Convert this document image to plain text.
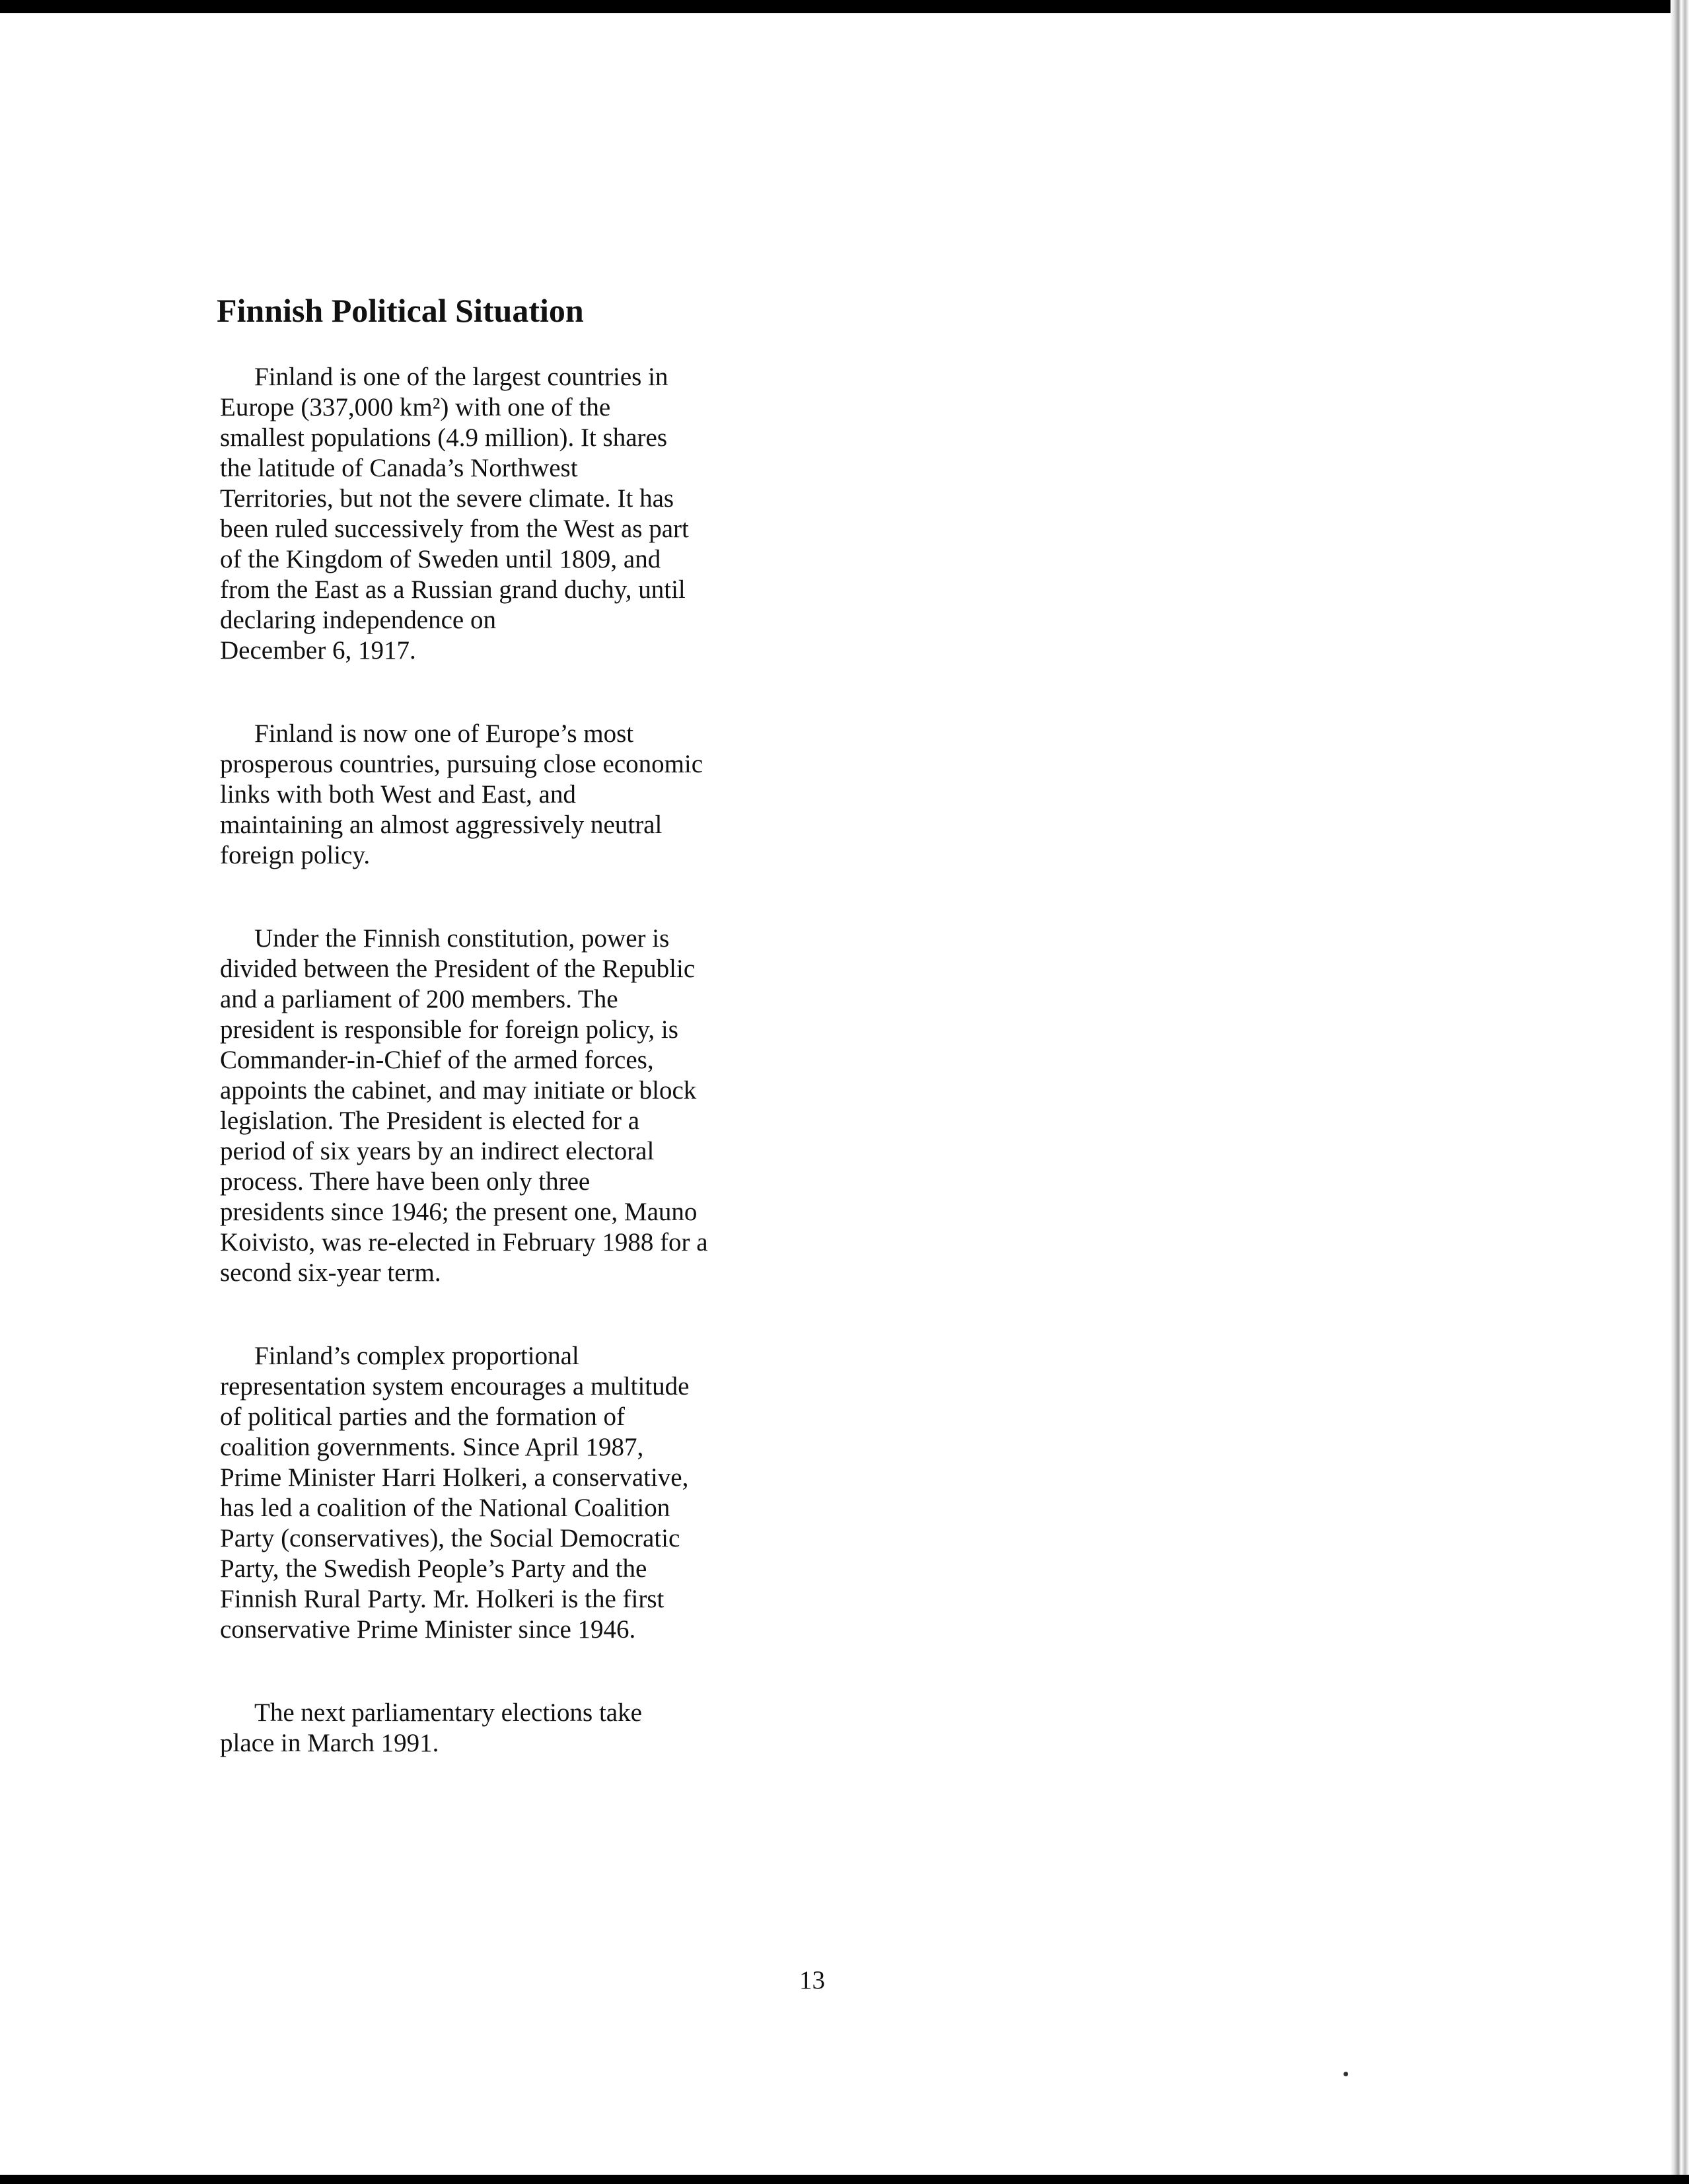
Finnish Political Situation

Finland is one of the largest countries in
Europe (337,000 km²) with one of the
smallest populations (4.9 million). It shares
the latitude of Canada’s Northwest
Territories, but not the severe climate. It has
been ruled successively from the West as part
of the Kingdom of Sweden until 1809, and
from the East as a Russian grand duchy, until
declaring independence on
December 6, 1917.

Finland is now one of Europe’s most
prosperous countries, pursuing close economic
links with both West and East, and
maintaining an almost aggressively neutral
foreign policy.

Under the Finnish constitution, power is
divided between the President of the Republic
and a parliament of 200 members. The
president is responsible for foreign policy, is
Commander-in-Chief of the armed forces,
appoints the cabinet, and may initiate or block
legislation. The President is elected for a
period of six years by an indirect electoral
process. There have been only three
presidents since 1946; the present one, Mauno
Koivisto, was re-elected in February 1988 for a
second six-year term.

Finland’s complex proportional
representation system encourages a multitude
of political parties and the formation of
coalition governments. Since April 1987,
Prime Minister Harri Holkeri, a conservative,
has led a coalition of the National Coalition
Party (conservatives), the Social Democratic
Party, the Swedish People’s Party and the
Finnish Rural Party. Mr. Holkeri is the first
conservative Prime Minister since 1946.

The next parliamentary elections take
place in March 1991.

13
